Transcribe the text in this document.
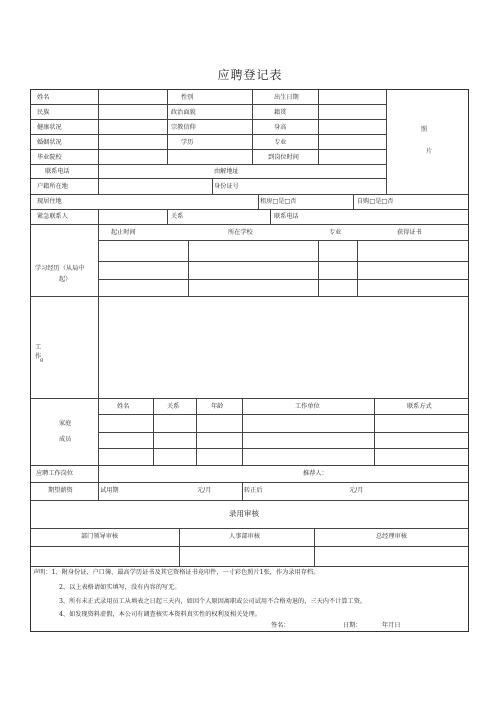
应聘登记表
姓名	性别	出生日期
民族	政治面貌	籍贯
健康状况	宗教信仰	身高
婚姻状况	学历	专业
毕业院校	到岗位时间
联系电话	由解地址
户籍所在地	身份证号
照
片
现居住地	租房□是□否	自购□是□否
紧急联系人	关系	联系电话
起止时间	所在学校	专业	获得证书
学习经历（从局中
起）
工
作
g
姓名	关系	年龄	工作单位	联系方式
家庭
成员
应聘工作岗位	推荐人：
期望薪资	试用期	元/月	转正后	元/月
录用审核
部门领导审核	人事部审核	总经理审核
声明：1、附身份证、户口簿、最高学历证书及其它资格证书竟印件，一寸彩色照片1张，作为录用存档。
2、以上表格请如实填写，没有内容的写无。
3、所有未正式录用员工从填表之日起三天内，如因个人原因离职或公司试用不合格劝退的，三天内不计算工资。
4、如发现资料虚假，本公司有调查核实本资料真实性的权利及相关处理。
签名：	日期：	年月日
